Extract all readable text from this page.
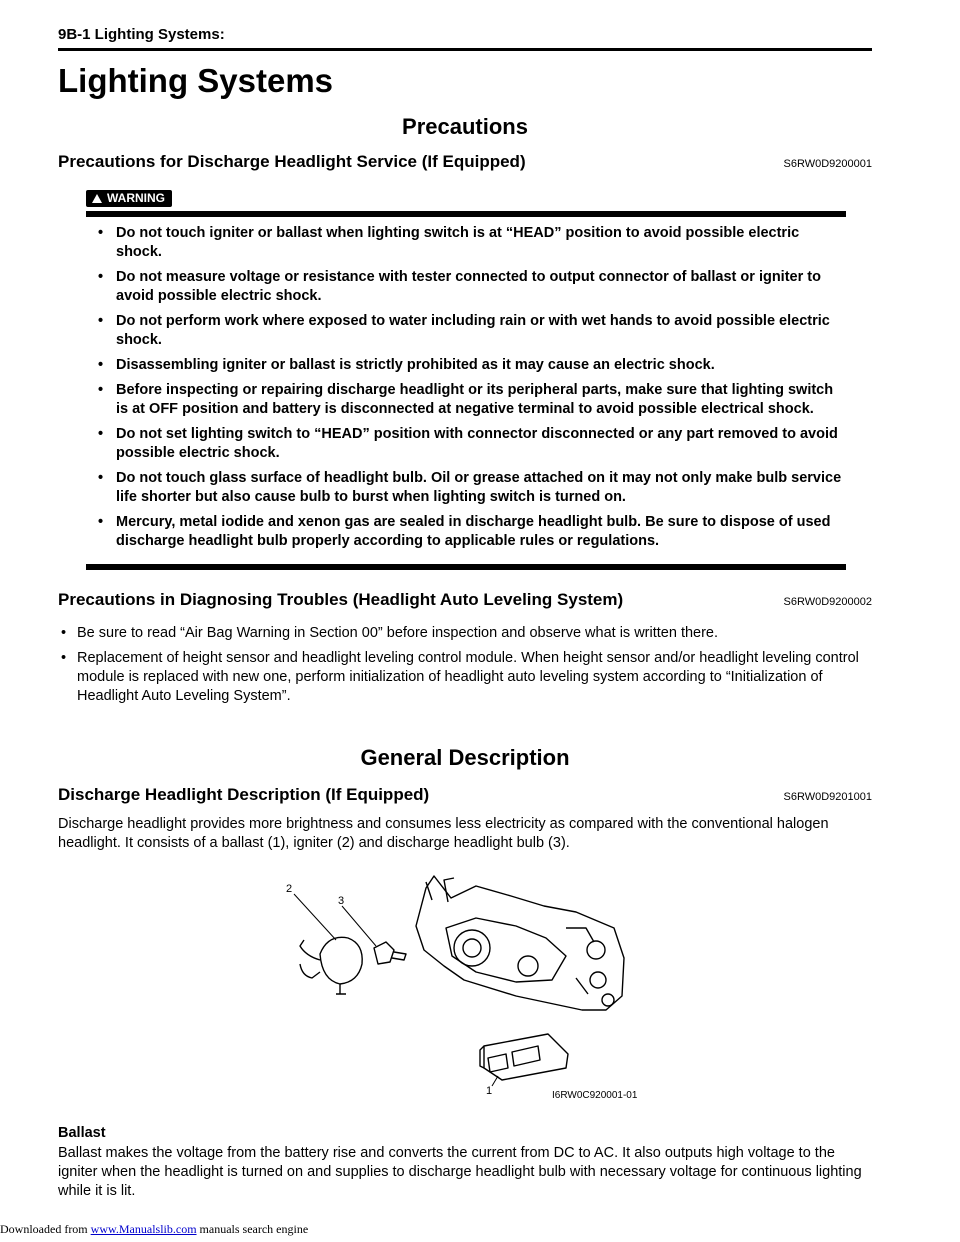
9B-1 Lighting Systems:
Lighting Systems
Precautions
Precautions for Discharge Headlight Service (If Equipped)	S6RW0D9200001
WARNING
• Do not touch igniter or ballast when lighting switch is at “HEAD” position to avoid possible electric shock.
• Do not measure voltage or resistance with tester connected to output connector of ballast or igniter to avoid possible electric shock.
• Do not perform work where exposed to water including rain or with wet hands to avoid possible electric shock.
• Disassembling igniter or ballast is strictly prohibited as it may cause an electric shock.
• Before inspecting or repairing discharge headlight or its peripheral parts, make sure that lighting switch is at OFF position and battery is disconnected at negative terminal to avoid possible electrical shock.
• Do not set lighting switch to “HEAD” position with connector disconnected or any part removed to avoid possible electric shock.
• Do not touch glass surface of headlight bulb. Oil or grease attached on it may not only make bulb service life shorter but also cause bulb to burst when lighting switch is turned on.
• Mercury, metal iodide and xenon gas are sealed in discharge headlight bulb. Be sure to dispose of used discharge headlight bulb properly according to applicable rules or regulations.
Precautions in Diagnosing Troubles (Headlight Auto Leveling System)	S6RW0D9200002
• Be sure to read “Air Bag Warning in Section 00” before inspection and observe what is written there.
• Replacement of height sensor and headlight leveling control module. When height sensor and/or headlight leveling control module is replaced with new one, perform initialization of headlight auto leveling system according to “Initialization of Headlight Auto Leveling System”.
General Description
Discharge Headlight Description (If Equipped)	S6RW0D9201001

Discharge headlight provides more brightness and consumes less electricity as compared with the conventional halogen headlight. It consists of a ballast (1), igniter (2) and discharge headlight bulb (3).

2
3
1	I6RW0C920001-01
Ballast

Ballast makes the voltage from the battery rise and converts the current from DC to AC. It also outputs high voltage to the igniter when the headlight is turned on and supplies to discharge headlight bulb with necessary voltage for continuous lighting while it is lit.

Downloaded from www.Manualslib.com manuals search engine
